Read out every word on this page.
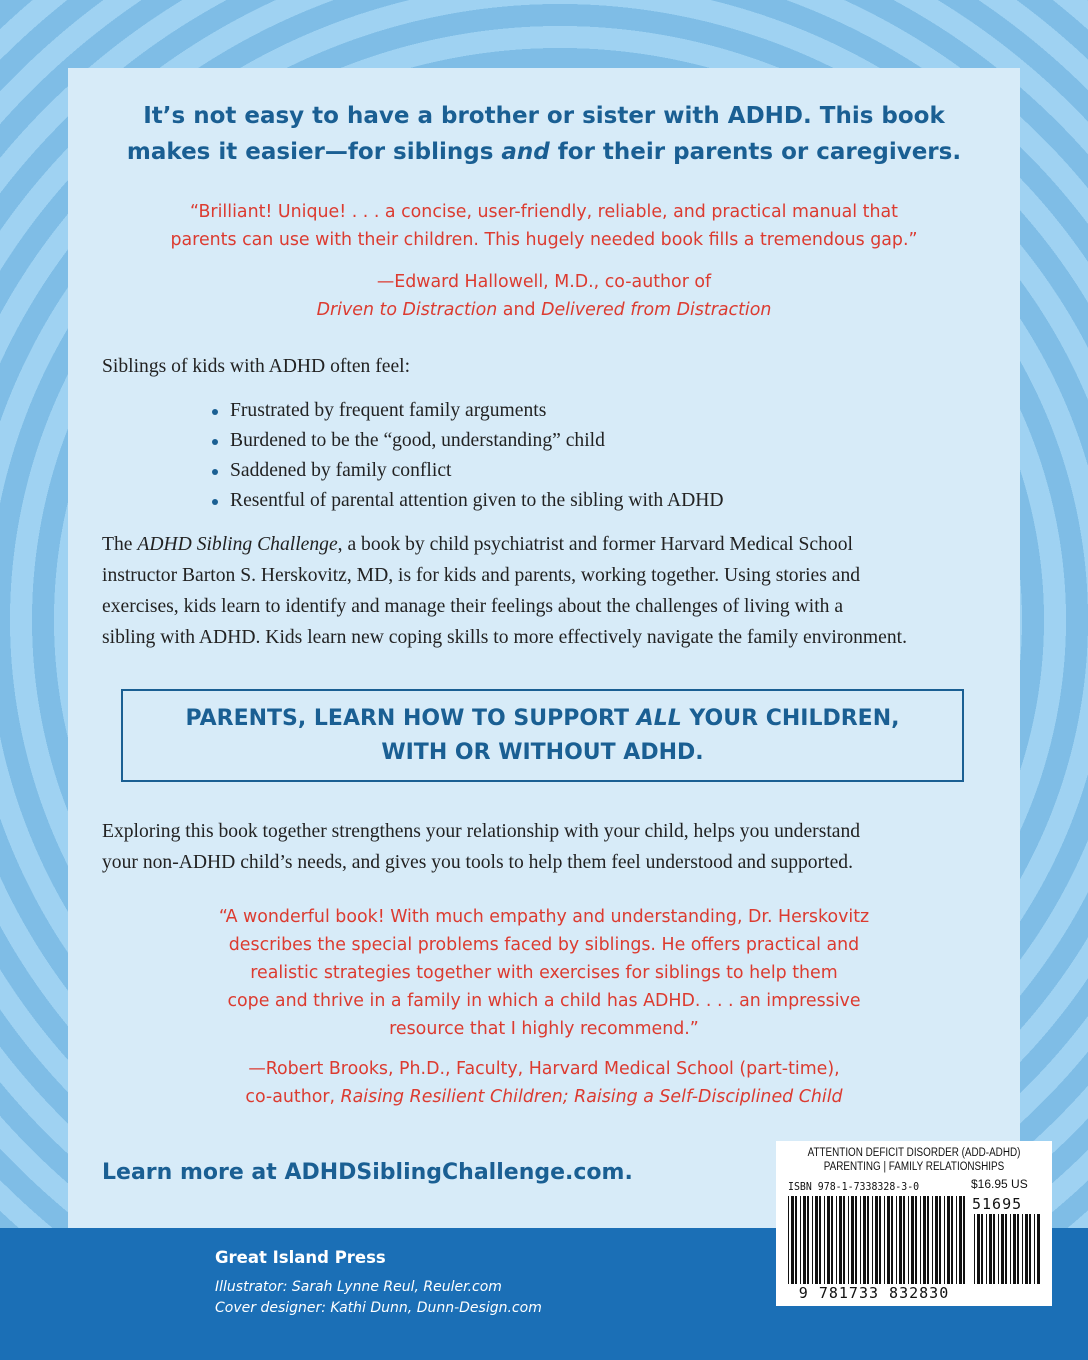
It’s not easy to have a brother or sister with ADHD. This book
makes it easier—for siblings and for their parents or caregivers.
“Brilliant! Unique! . . . a concise, user-friendly, reliable, and practical manual that
parents can use with their children. This hugely needed book fills a tremendous gap.”
—Edward Hallowell, M.D., co-author of
Driven to Distraction and Delivered from Distraction
Siblings of kids with ADHD often feel:
Frustrated by frequent family arguments
Burdened to be the “good, understanding” child
Saddened by family conflict
Resentful of parental attention given to the sibling with ADHD
The ADHD Sibling Challenge, a book by child psychiatrist and former Harvard Medical School
instructor Barton S. Herskovitz, MD, is for kids and parents, working together. Using stories and
exercises, kids learn to identify and manage their feelings about the challenges of living with a
sibling with ADHD. Kids learn new coping skills to more effectively navigate the family environment.
PARENTS, LEARN HOW TO SUPPORT ALL YOUR CHILDREN,
WITH OR WITHOUT ADHD.
Exploring this book together strengthens your relationship with your child, helps you understand
your non-ADHD child’s needs, and gives you tools to help them feel understood and supported.
“A wonderful book! With much empathy and understanding, Dr. Herskovitz
describes the special problems faced by siblings. He offers practical and
realistic strategies together with exercises for siblings to help them
cope and thrive in a family in which a child has ADHD. . . . an impressive
resource that I highly recommend.”
—Robert Brooks, Ph.D., Faculty, Harvard Medical School (part-time),
co-author, Raising Resilient Children; Raising a Self-Disciplined Child
Learn more at ADHDSiblingChallenge.com.
Great Island Press
Illustrator: Sarah Lynne Reul, Reuler.com
Cover designer: Kathi Dunn, Dunn-Design.com
ATTENTION DEFICIT DISORDER (ADD-ADHD)
PARENTING | FAMILY RELATIONSHIPS
ISBN 978-1-7338328-3-0	$16.95 US
51695
9 781733 832830
